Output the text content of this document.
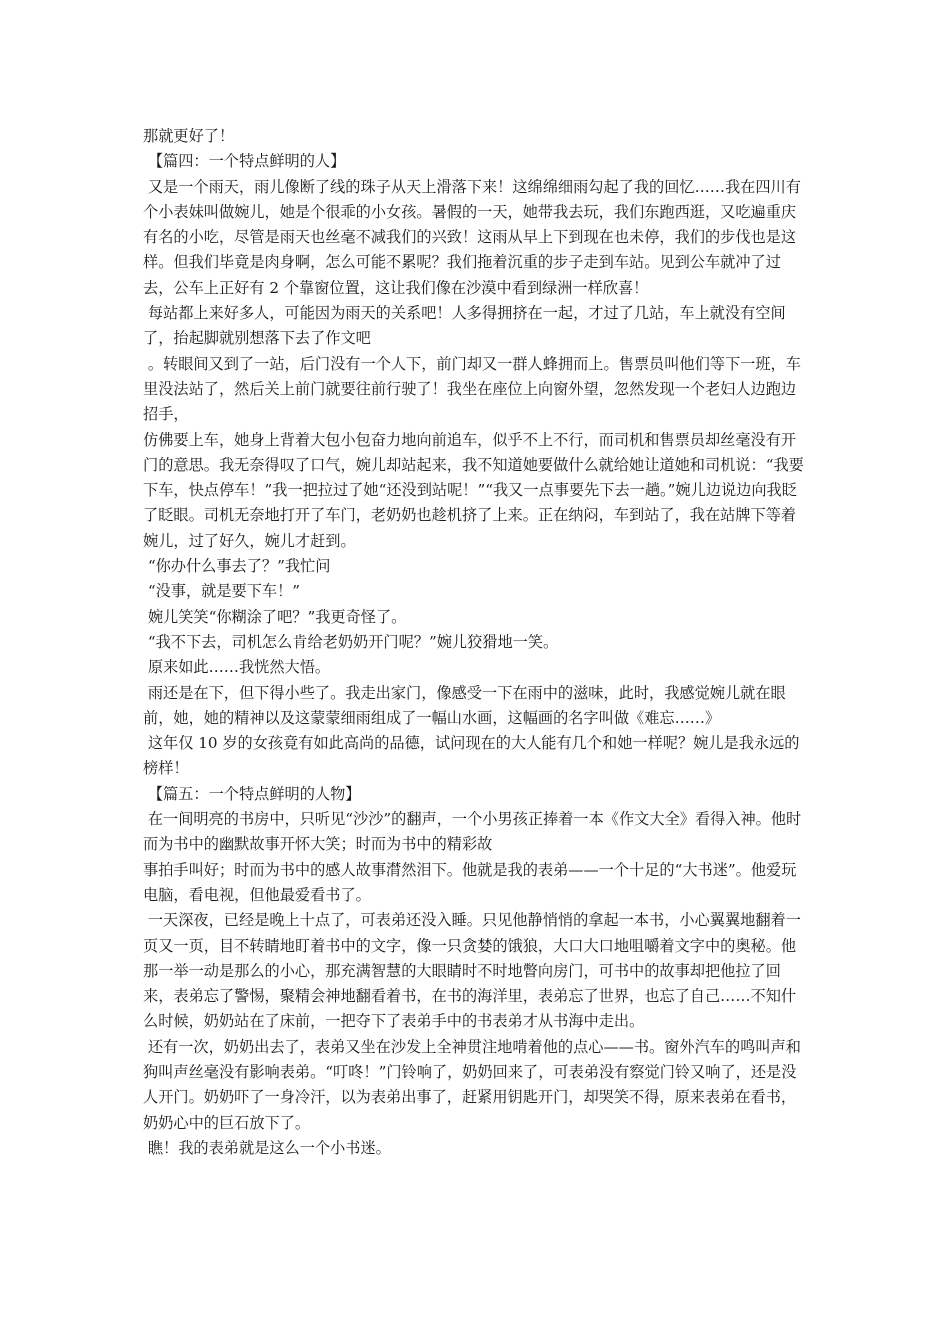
那就更好了！

【篇四：一个特点鲜明的人】

又是一个雨天，雨儿像断了线的珠子从天上滑落下来！这绵绵细雨勾起了我的回忆……我在四川有个小表妹叫做婉儿，她是个很乖的小女孩。暑假的一天，她带我去玩，我们东跑西逛，又吃遍重庆有名的小吃，尽管是雨天也丝毫不减我们的兴致！这雨从早上下到现在也未停，我们的步伐也是这样。但我们毕竟是肉身啊，怎么可能不累呢？我们拖着沉重的步子走到车站。见到公车就冲了过去，公车上正好有 2 个靠窗位置，这让我们像在沙漠中看到绿洲一样欣喜！

每站都上来好多人，可能因为雨天的关系吧！人多得拥挤在一起，才过了几站，车上就没有空间了，抬起脚就别想落下去了作文吧

。转眼间又到了一站，后门没有一个人下，前门却又一群人蜂拥而上。售票员叫他们等下一班，车里没法站了，然后关上前门就要往前行驶了！我坐在座位上向窗外望，忽然发现一个老妇人边跑边招手，

仿佛要上车，她身上背着大包小包奋力地向前追车，似乎不上不行，而司机和售票员却丝毫没有开门的意思。我无奈得叹了口气，婉儿却站起来，我不知道她要做什么就给她让道她和司机说：“我要下车，快点停车！”我一把拉过了她“还没到站呢！”“我又一点事要先下去一趟。”婉儿边说边向我眨了眨眼。司机无奈地打开了车门，老奶奶也趁机挤了上来。正在纳闷，车到站了，我在站牌下等着婉儿，过了好久，婉儿才赶到。

“你办什么事去了？”我忙问

“没事，就是要下车！”

婉儿笑笑“你糊涂了吧？”我更奇怪了。

“我不下去，司机怎么肯给老奶奶开门呢？”婉儿狡猾地一笑。

原来如此……我恍然大悟。

雨还是在下，但下得小些了。我走出家门，像感受一下在雨中的滋味，此时，我感觉婉儿就在眼前，她，她的精神以及这蒙蒙细雨组成了一幅山水画，这幅画的名字叫做《难忘……》

这年仅 10 岁的女孩竟有如此高尚的品德，试问现在的大人能有几个和她一样呢？婉儿是我永远的榜样！

【篇五：一个特点鲜明的人物】

在一间明亮的书房中，只听见“沙沙”的翻声，一个小男孩正捧着一本《作文大全》看得入神。他时而为书中的幽默故事开怀大笑；时而为书中的精彩故

事拍手叫好；时而为书中的感人故事潸然泪下。他就是我的表弟——一个十足的“大书迷”。他爱玩电脑，看电视，但他最爱看书了。

一天深夜，已经是晚上十点了，可表弟还没入睡。只见他静悄悄的拿起一本书，小心翼翼地翻着一页又一页，目不转睛地盯着书中的文字，像一只贪婪的饿狼，大口大口地咀嚼着文字中的奥秘。他那一举一动是那么的小心，那充满智慧的大眼睛时不时地瞥向房门，可书中的故事却把他拉了回来，表弟忘了警惕，聚精会神地翻看着书，在书的海洋里，表弟忘了世界，也忘了自己……不知什么时候，奶奶站在了床前，一把夺下了表弟手中的书表弟才从书海中走出。

还有一次，奶奶出去了，表弟又坐在沙发上全神贯注地啃着他的点心——书。窗外汽车的鸣叫声和狗叫声丝毫没有影响表弟。“叮咚！”门铃响了，奶奶回来了，可表弟没有察觉门铃又响了，还是没人开门。奶奶吓了一身冷汗，以为表弟出事了，赶紧用钥匙开门，却哭笑不得，原来表弟在看书，奶奶心中的巨石放下了。

瞧！我的表弟就是这么一个小书迷。
